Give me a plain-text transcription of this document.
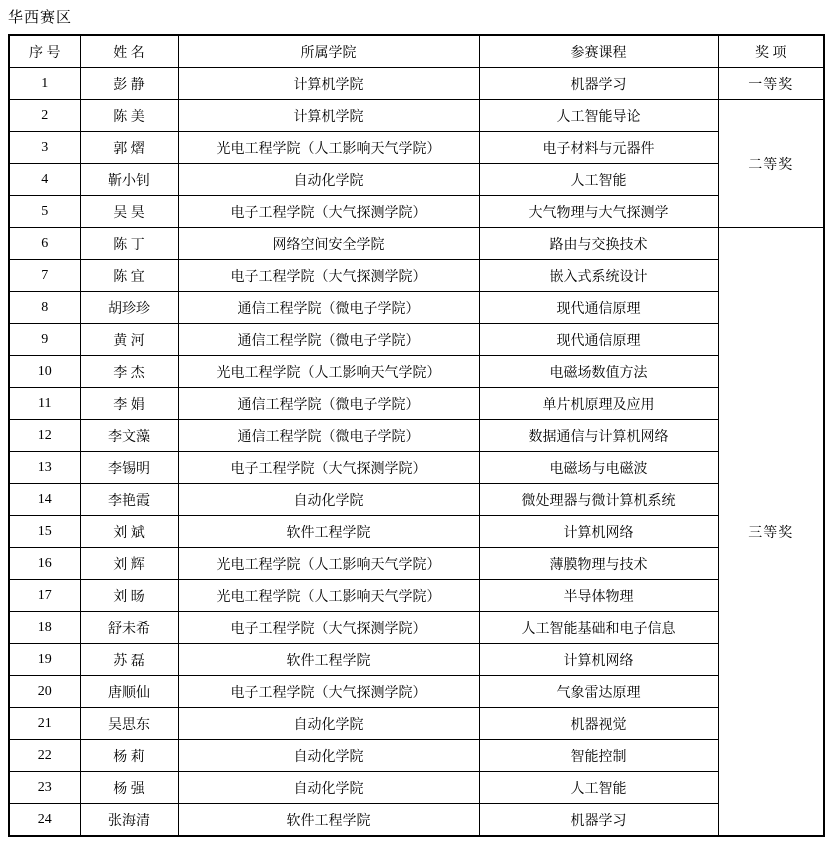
华西赛区
序 号	姓 名	所属学院	参赛课程	奖 项
1	彭 静	计算机学院	机器学习	一等奖
2	陈 美	计算机学院	人工智能导论	二等奖
3	郭 熠	光电工程学院（人工影响天气学院）	电子材料与元器件	
4	靳小钊	自动化学院	人工智能	
5	吴 昊	电子工程学院（大气探测学院）	大气物理与大气探测学	
6	陈 丁	网络空间安全学院	路由与交换技术	三等奖
7	陈 宜	电子工程学院（大气探测学院）	嵌入式系统设计	
8	胡珍珍	通信工程学院（微电子学院）	现代通信原理	
9	黄 河	通信工程学院（微电子学院）	现代通信原理	
10	李 杰	光电工程学院（人工影响天气学院）	电磁场数值方法	
11	李 娟	通信工程学院（微电子学院）	单片机原理及应用	
12	李文藻	通信工程学院（微电子学院）	数据通信与计算机网络	
13	李锡明	电子工程学院（大气探测学院）	电磁场与电磁波	
14	李艳霞	自动化学院	微处理器与微计算机系统	
15	刘 斌	软件工程学院	计算机网络	
16	刘 辉	光电工程学院（人工影响天气学院）	薄膜物理与技术	
17	刘 旸	光电工程学院（人工影响天气学院）	半导体物理	
18	舒未希	电子工程学院（大气探测学院）	人工智能基础和电子信息	
19	苏 磊	软件工程学院	计算机网络	
20	唐顺仙	电子工程学院（大气探测学院）	气象雷达原理	
21	吴思东	自动化学院	机器视觉	
22	杨 莉	自动化学院	智能控制	
23	杨 强	自动化学院	人工智能	
24	张海清	软件工程学院	机器学习	
